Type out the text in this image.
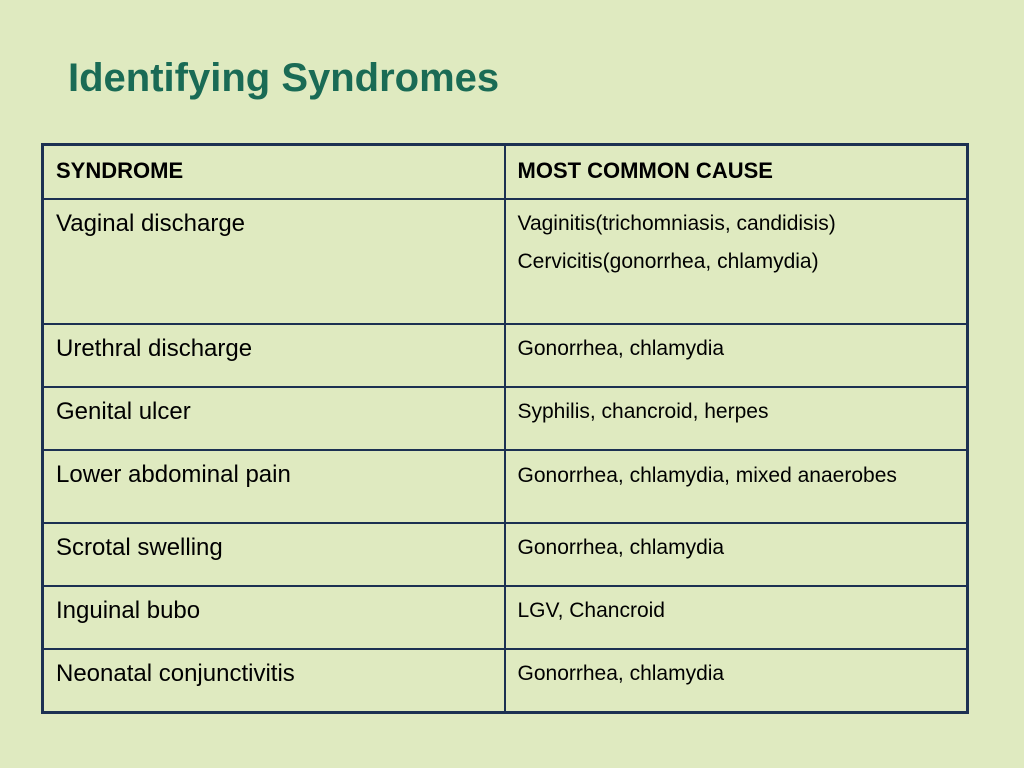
Identifying Syndromes
SYNDROME	MOST COMMON CAUSE
Vaginal discharge	Vaginitis(trichomniasis, candidisis)
Cervicitis(gonorrhea, chlamydia)

Urethral discharge	Gonorrhea, chlamydia

Genital ulcer	Syphilis, chancroid, herpes

Lower abdominal pain	Gonorrhea, chlamydia, mixed anaerobes

Scrotal swelling	Gonorrhea, chlamydia

Inguinal bubo	LGV, Chancroid

Neonatal conjunctivitis	Gonorrhea, chlamydia
